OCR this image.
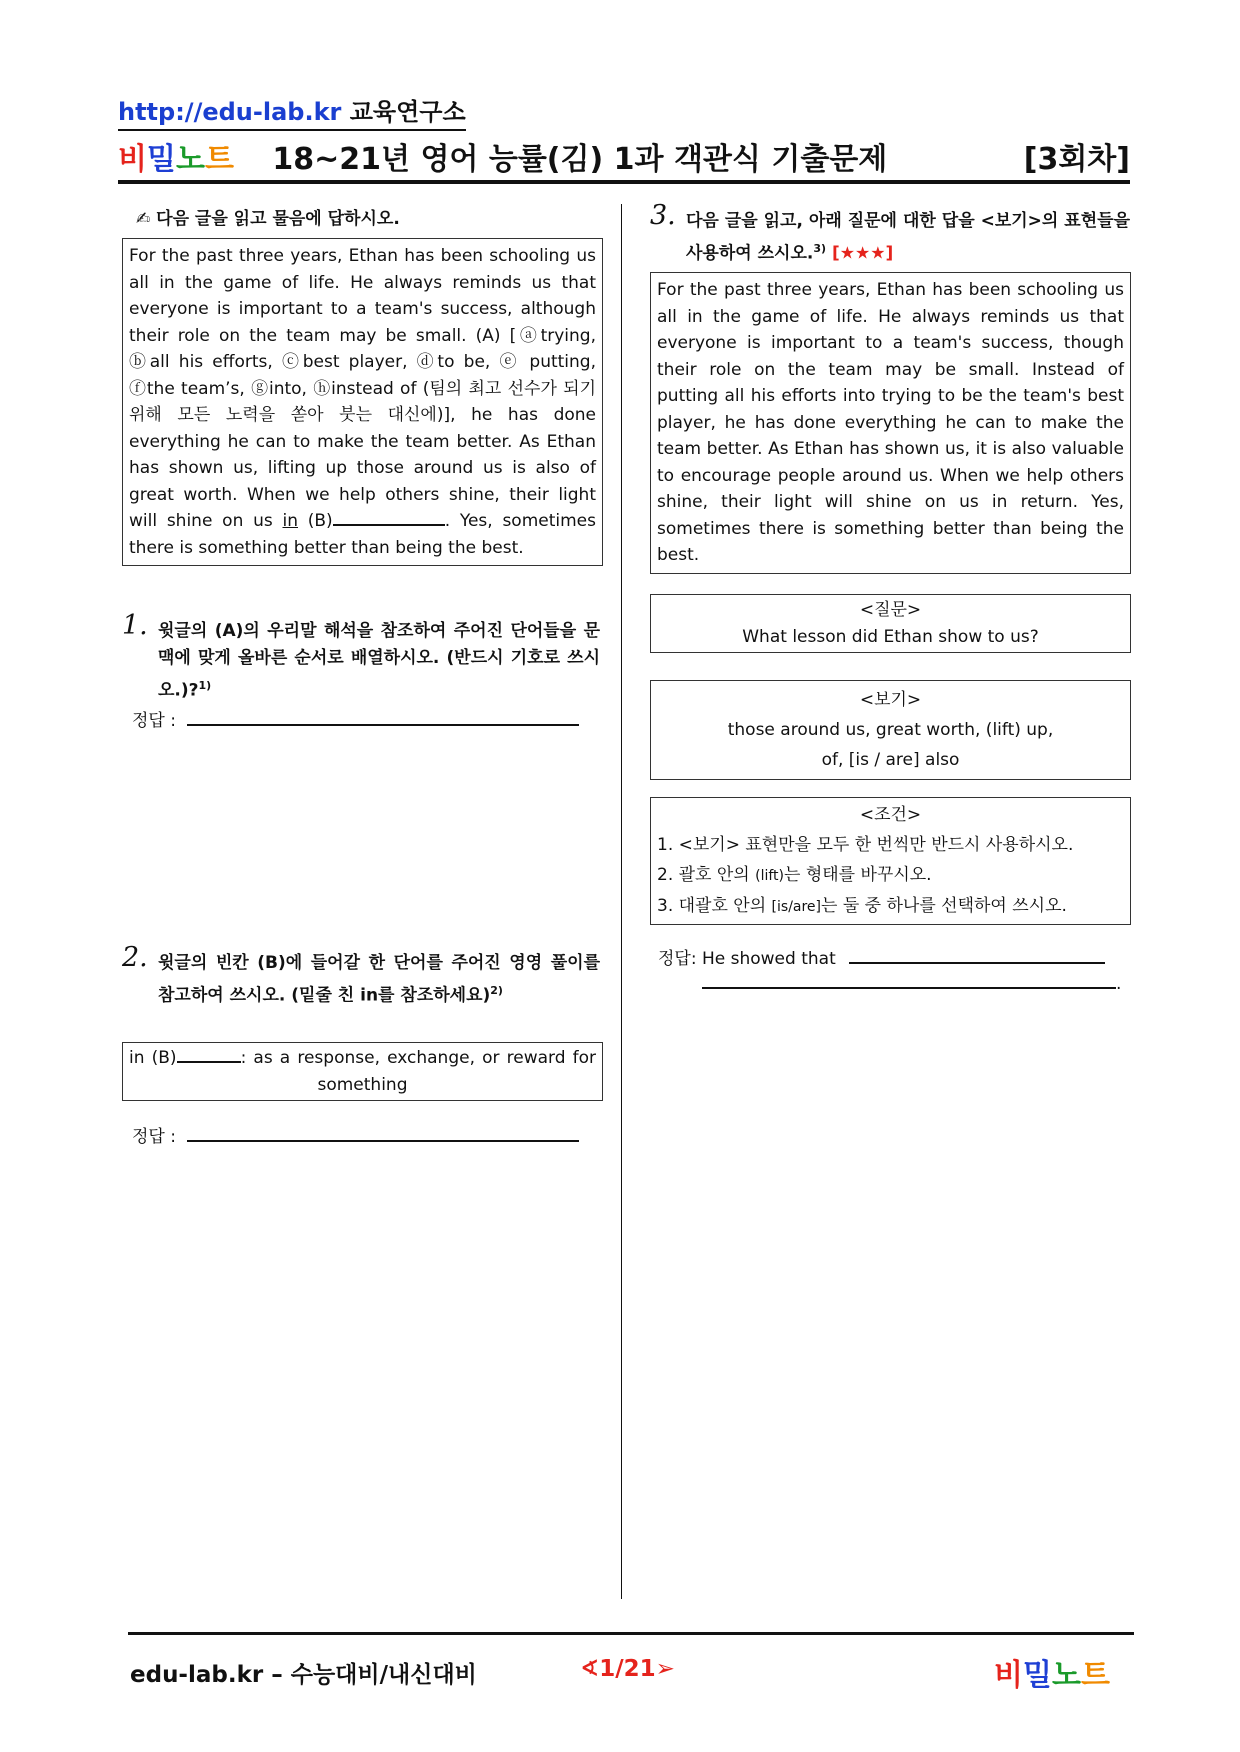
http://edu-lab.kr 교육연구소
비밀노트 18~21년 영어 능률(김) 1과 객관식 기출문제	[3회차]
✍ 다음 글을 읽고 물음에 답하시오.
For the past three years, Ethan has been schooling us all in the game of life. He always reminds us that everyone is important to a team's success, although their role on the team may be small. (A) [ⓐtrying, ⓑall his efforts, ⓒbest player, ⓓto be, ⓔ putting, ⓕthe team’s, ⓖinto, ⓗinstead of (팀의 최고 선수가 되기 위해 모든 노력을 쏟아 붓는 대신에)], he has done everything he can to make the team better. As Ethan has shown us, lifting up those around us is also of great worth. When we help others shine, their light will shine on us in (B)	. Yes, sometimes there is something better than being the best.
1. 윗글의 (A)의 우리말 해석을 참조하여 주어진 단어들을 문맥에 맞게 올바른 순서로 배열하시오. (반드시 기호로 쓰시오.)?$^{1)}$
정답 :
2. 윗글의 빈칸 (B)에 들어갈 한 단어를 주어진 영영 풀이를 참고하여 쓰시오. (밑줄 친 in를 참조하세요)$^{2)}$
in (B)	: as a response, exchange, or reward for something
정답 :
3. 다음 글을 읽고, 아래 질문에 대한 답을 <보기>의 표현들을 사용하여 쓰시오.$^{3)}$ [★★★]
For the past three years, Ethan has been schooling us all in the game of life. He always reminds us that everyone is important to a team's success, though their role on the team may be small. Instead of putting all his efforts into trying to be the team's best player, he has done everything he can to make the team better. As Ethan has shown us, it is also valuable to encourage people around us. When we help others shine, their light will shine on us in return. Yes, sometimes there is something better than being the best.
<질문>
What lesson did Ethan show to us?
<보기>
those around us, great worth, (lift) up,
of, [is / are] also
<조건>
1. <보기> 표현만을 모두 한 번씩만 반드시 사용하시오.
2. 괄호 안의 (lift)는 형태를 바꾸시오.
3. 대괄호 안의 [is/are]는 둘 중 하나를 선택하여 쓰시오.
정답: He showed that
.
edu-lab.kr – 수능대비/내신대비	∢1/21➢	비밀노트
